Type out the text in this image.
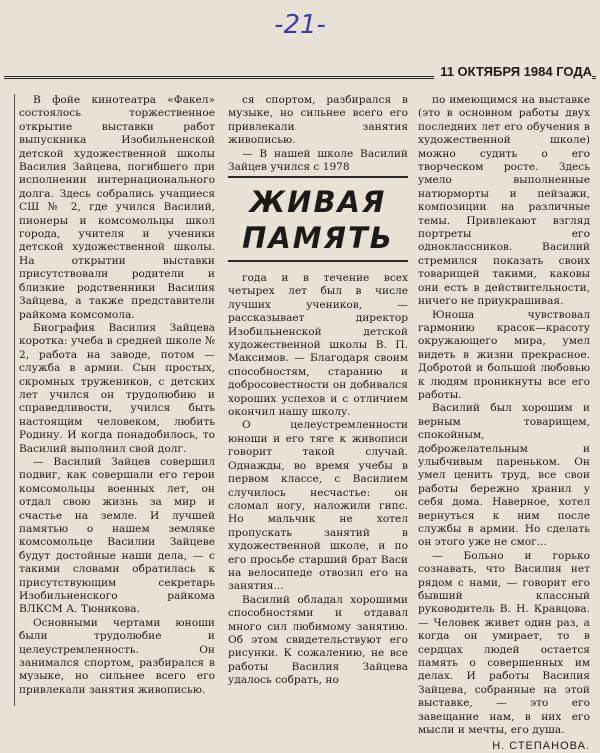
-21-
11 ОКТЯБРЯ 1984 ГОДА

В фойе кинотеатра «Факел» состоялось торжественное открытие выставки работ выпускника Изобильненской детской художественной школы Василия Зайцева, погибшего при исполнении интернационального долга. Здесь собрались учащиеся СШ № 2, где учился Василий, пионеры и комсомольцы школ города, учителя и ученики детской художественной школы. На открытии выставки присутствовали родители и близкие родственники Василия Зайцева, а также представители райкома комсомола.

Биография Василия Зайцева коротка: учеба в средней школе № 2, работа на заводе, потом — служба в армии. Сын простых, скромных тружеников, с детских лет учился он трудолюбию и справедливости, учился быть настоящим человеком, любить Родину. И когда понадобилось, то Василий выполнил свой долг.

— Василий Зайцев совершил подвиг, как совершали его герои комсомольцы военных лет, он отдал свою жизнь за мир и счастье на земле. И лучшей памятью о нашем земляке комсомольце Василии Зайцеве будут достойные наши дела, — с такими словами обратилась к присутствующим секретарь Изобильненского райкома ВЛКСМ А. Тюникова.

Основными чертами юноши были трудолюбие и целеустремленность. Он занимался спортом, разбирался в музыке, но сильнее всего его привлекали занятия живописью.

ся спортом, разбирался в музыке, но сильнее всего его привлекали занятия живописью.

— В нашей школе Василий Зайцев учился с 1978

ЖИВАЯ
ПАМЯТЬ

года и в течение всех четырех лет был в числе лучших учеников, — рассказывает директор Изобильненской детской художественной школы В. П. Максимов. — Благодаря своим способностям, старанию и добросовестности он добивался хороших успехов и с отличием окончил нашу школу.

О целеустремленности юноши и его тяге к живописи говорит такой случай. Однажды, во время учебы в первом классе, с Василием случилось несчастье: он сломал ногу, наложили гипс. Но мальчик не хотел пропускать занятий в художественной школе, и по его просьбе старший брат Васи на велосипеде отвозил его на занятия...

Василий обладал хорошими способностями и отдавал много сил любимому занятию. Об этом свидетельствуют его рисунки. К сожалению, не все работы Василия Зайцева удалось собрать, но

по имеющимся на выставке (это в основном работы двух последних лет его обучения в художественной школе) можно судить о его творческом росте. Здесь умело выполненные натюрморты и пейзажи, композиции на различные темы. Привлекают взгляд портреты его одноклассников. Василий стремился показать своих товарищей такими, каковы они есть в действительности, ничего не приукрашивая.

Юноша чувствовал гармонию красок—красоту окружающего мира, умел видеть в жизни прекрасное. Добротой и большой любовью к людям проникнуты все его работы.

Василий был хорошим и верным товарищем, спокойным, доброжелательным и улыбчивым пареньком. Он умел ценить труд, все свои работы бережно хранил у себя дома. Наверное, хотел вернуться к ним после службы в армии. Но сделать он этого уже не смог...

— Больно и горько сознавать, что Василия нет рядом с нами, — говорит его бывший классный руководитель В. Н. Кравцова. — Человек живет один раз, а когда он умирает, то в сердцах людей остается память о совершенных им делах. И работы Василия Зайцева, собранные на этой выставке, — это его завещание нам, в них его мысли и мечты, его душа.

Н. СТЕПАНОВА.
